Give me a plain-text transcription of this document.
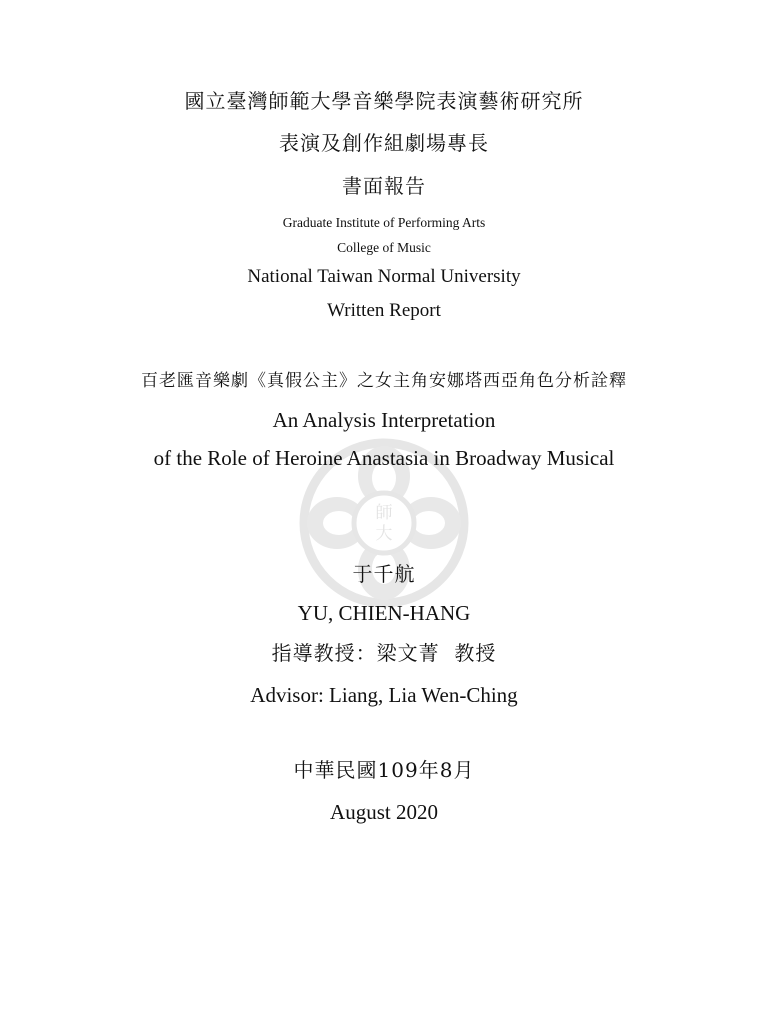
師
大
國立臺灣師範大學音樂學院表演藝術研究所
表演及創作組劇場專長
書面報告
Graduate Institute of Performing Arts
College of Music
National Taiwan Normal University
Written Report
百老匯音樂劇《真假公主》之女主角安娜塔西亞角色分析詮釋
An Analysis Interpretation
of the Role of Heroine Anastasia in Broadway Musical
于千航
YU, CHIEN-HANG
指導教授：梁文菁  教授
Advisor: Liang, Lia Wen-Ching
中華民國109年8月
August 2020
